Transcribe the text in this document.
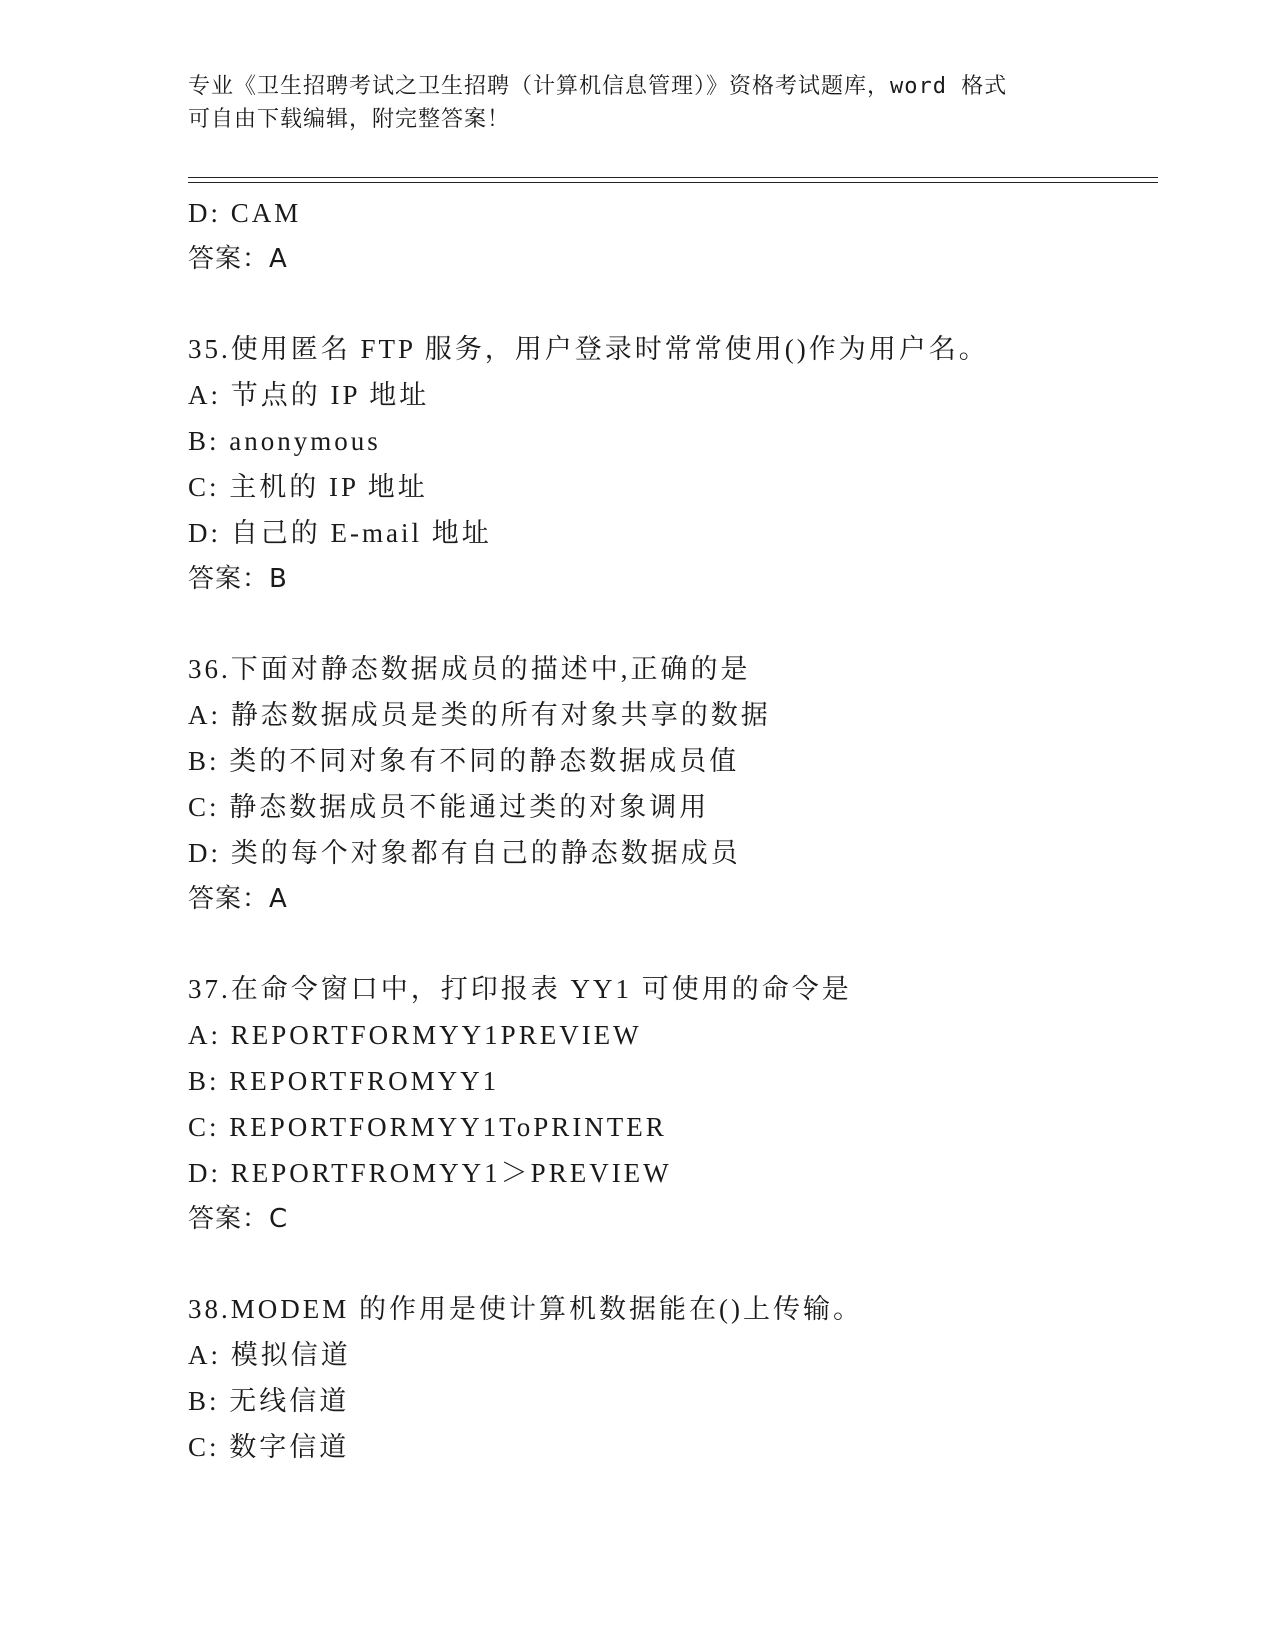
专业《卫生招聘考试之卫生招聘（计算机信息管理）》资格考试题库，word 格式
可自由下载编辑，附完整答案！
D: CAM
答案：A
35.使用匿名 FTP 服务，用户登录时常常使用()作为用户名。
A: 节点的 IP 地址
B: anonymous
C: 主机的 IP 地址
D: 自己的 E-mail 地址
答案：B
36.下面对静态数据成员的描述中,正确的是
A: 静态数据成员是类的所有对象共享的数据
B: 类的不同对象有不同的静态数据成员值
C: 静态数据成员不能通过类的对象调用
D: 类的每个对象都有自己的静态数据成员
答案：A
37.在命令窗口中，打印报表 YY1 可使用的命令是
A: REPORTFORMYY1PREVIEW
B: REPORTFROMYY1
C: REPORTFORMYY1ToPRINTER
D: REPORTFROMYY1＞PREVIEW
答案：C
38.MODEM 的作用是使计算机数据能在()上传输。
A: 模拟信道
B: 无线信道
C: 数字信道
